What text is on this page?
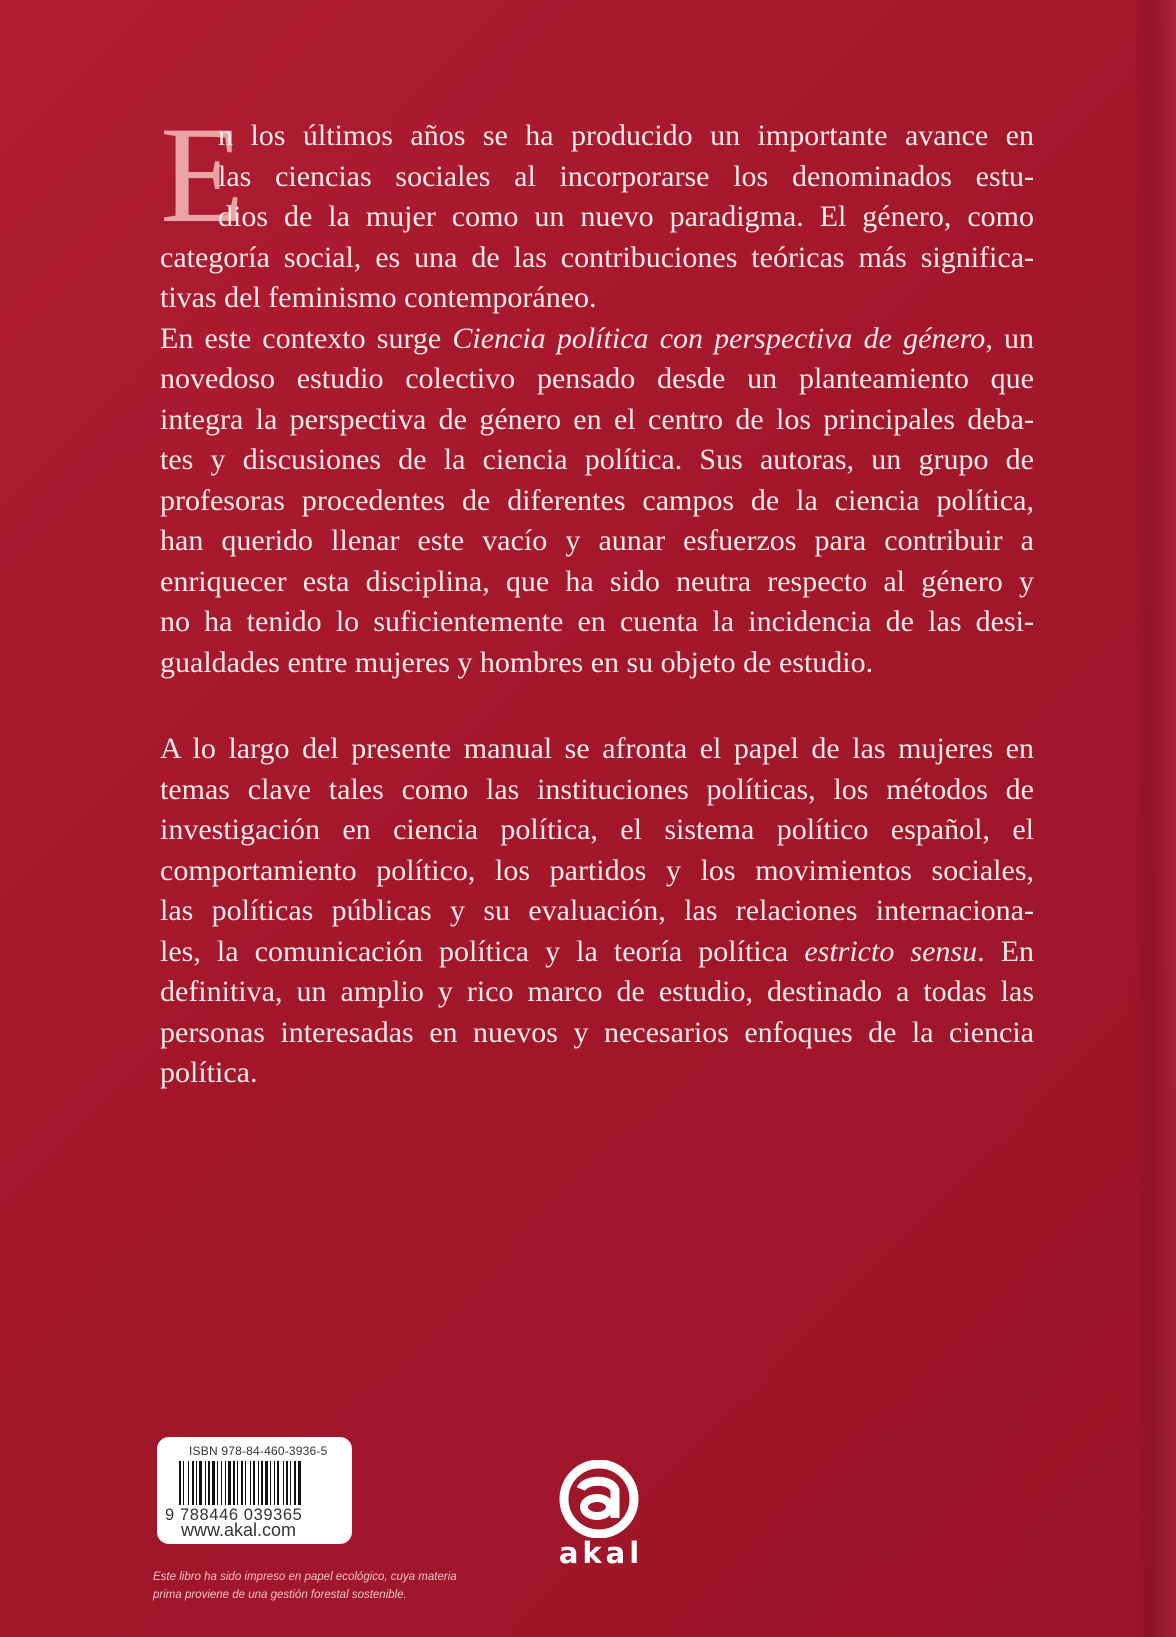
E
n los últimos años se ha producido un importante avance en
las ciencias sociales al incorporarse los denominados estu-
dios de la mujer como un nuevo paradigma. El género, como
categoría social, es una de las contribuciones teóricas más significa-
tivas del feminismo contemporáneo.
En este contexto surge Ciencia política con perspectiva de género, un
novedoso estudio colectivo pensado desde un planteamiento que
integra la perspectiva de género en el centro de los principales deba-
tes y discusiones de la ciencia política. Sus autoras, un grupo de
profesoras procedentes de diferentes campos de la ciencia política,
han querido llenar este vacío y aunar esfuerzos para contribuir a
enriquecer esta disciplina, que ha sido neutra respecto al género y
no ha tenido lo suficientemente en cuenta la incidencia de las desi-
gualdades entre mujeres y hombres en su objeto de estudio.
A lo largo del presente manual se afronta el papel de las mujeres en
temas clave tales como las instituciones políticas, los métodos de
investigación en ciencia política, el sistema político español, el
comportamiento político, los partidos y los movimientos sociales,
las políticas públicas y su evaluación, las relaciones internaciona-
les, la comunicación política y la teoría política estricto sensu. En
definitiva, un amplio y rico marco de estudio, destinado a todas las
personas interesadas en nuevos y necesarios enfoques de la ciencia
política.
ISBN 978-84-460-3936-5
9 788446 039365
www.akal.com
Este libro ha sido impreso en papel ecológico, cuya materia
prima proviene de una gestión forestal sostenible.
akal
